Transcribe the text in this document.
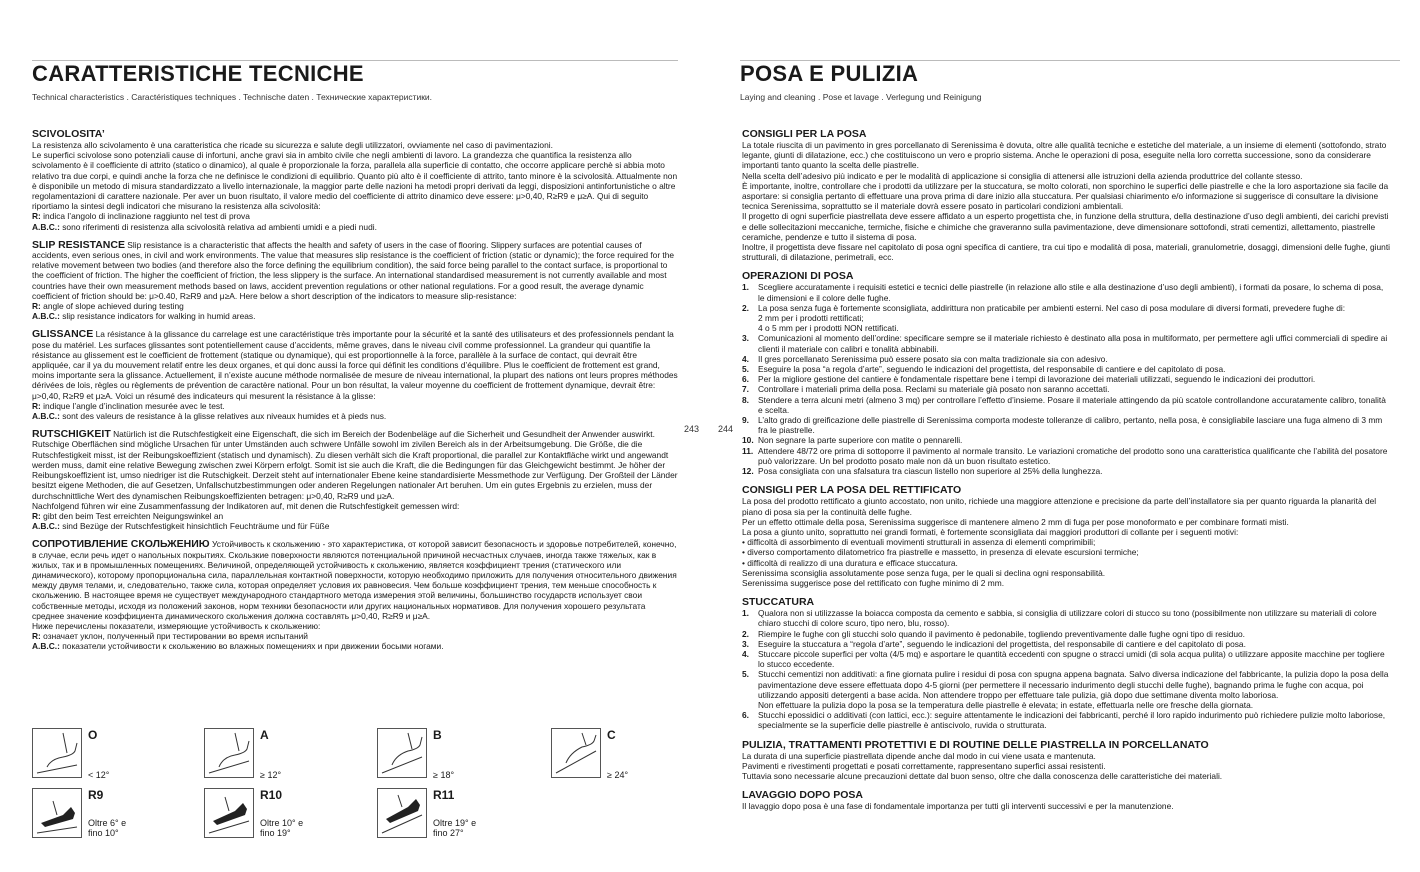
CARATTERISTICHE TECNICHE
Technical characteristics . Caractéristiques techniques . Technische daten . Технические характеристики.
SCIVOLOSITA’

La resistenza allo scivolamento è una caratteristica che ricade su sicurezza e salute degli utilizzatori, ovviamente nel caso di pavimentazioni.

Le superfici scivolose sono potenziali cause di infortuni, anche gravi sia in ambito civile che negli ambienti di lavoro. La grandezza che quantifica la resistenza allo scivolamento è il coefficiente di attrito (statico o dinamico), al quale è proporzionale la forza, parallela alla superficie di contatto, che occorre applicare perchè si abbia moto relativo tra due corpi, e quindi anche la forza che ne definisce le condizioni di equilibrio. Quanto più alto è il coefficiente di attrito, tanto minore è la scivolosità. Attualmente non è disponibile un metodo di misura standardizzato a livello internazionale, la maggior parte delle nazioni ha metodi propri derivati da leggi, disposizioni antinfortunistiche o altre regolamentazioni di carattere nazionale. Per aver un buon risultato, il valore medio del coefficiente di attrito dinamico deve essere: μ>0,40, R≥R9 e μ≥A. Qui di seguito riportiamo la sintesi degli indicatori che misurano la resistenza alla scivolosità:

R: indica l’angolo di inclinazione raggiunto nel test di prova

A.B.C.: sono riferimenti di resistenza alla scivolosità relativa ad ambienti umidi e a piedi nudi.

SLIP RESISTANCE Slip resistance is a characteristic that affects the health and safety of users in the case of flooring. Slippery surfaces are potential causes of accidents, even serious ones, in civil and work environments. The value that measures slip resistance is the coefficient of friction (static or dynamic); the force required for the relative movement between two bodies (and therefore also the force defining the equilibrium condition), the said force being parallel to the contact surface, is proportional to the coefficient of friction. The higher the coefficient of friction, the less slippery is the surface. An international standardised measurement is not currently available and most countries have their own measurement methods based on laws, accident prevention regulations or other national regulations. For a good result, the average dynamic coefficient of friction should be: μ>0.40, R≥R9 and μ≥A. Here below a short description of the indicators to measure slip-resistance:

R: angle of slope achieved during testing

A.B.C.: slip resistance indicators for walking in humid areas.

GLISSANCE La résistance à la glissance du carrelage est une caractéristique très importante pour la sécurité et la santé des utilisateurs et des professionnels pendant la pose du matériel. Les surfaces glissantes sont potentiellement cause d’accidents, même graves, dans le niveau civil comme professionnel. La grandeur qui quantifie la résistance au glissement est le coefficient de frottement (statique ou dynamique), qui est proportionnelle à la force, parallèle à la surface de contact, qui devrait être appliquée, car il ya du mouvement relatif entre les deux organes, et qui donc aussi la force qui définit les conditions d’équilibre. Plus le coefficient de frottement est grand, moins importante sera la glissance. Actuellement, il n’existe aucune méthode normalisée de mesure de niveau international, la plupart des nations ont leurs propres méthodes dérivées de lois, règles ou règlements de prévention de caractère national. Pour un bon résultat, la valeur moyenne du coefficient de frottement dynamique, devrait être: μ>0,40, R≥R9 et μ≥A. Voici un résumé des indicateurs qui mesurent la résistance à la glisse:

R: indique l’angle d’inclination mesurée avec le test.

A.B.C.: sont des valeurs de resistance à la glisse relatives aux niveaux humides et à pieds nus.

RUTSCHIGKEIT Natürlich ist die Rutschfestigkeit eine Eigenschaft, die sich im Bereich der Bodenbeläge auf die Sicherheit und Gesundheit der Anwender auswirkt. Rutschige Oberflächen sind mögliche Ursachen für unter Umständen auch schwere Unfälle sowohl im zivilen Bereich als in der Arbeitsumgebung. Die Größe, die die Rutschfestigkeit misst, ist der Reibungskoeffizient (statisch und dynamisch). Zu diesen verhält sich die Kraft proportional, die parallel zur Kontaktfläche wirkt und angewandt werden muss, damit eine relative Bewegung zwischen zwei Körpern erfolgt. Somit ist sie auch die Kraft, die die Bedingungen für das Gleichgewicht bestimmt. Je höher der Reibungskoeffizient ist, umso niedriger ist die Rutschigkeit. Derzeit steht auf internationaler Ebene keine standardisierte Messmethode zur Verfügung. Der Großteil der Länder besitzt eigene Methoden, die auf Gesetzen, Unfallschutzbestimmungen oder anderen Regelungen nationaler Art beruhen. Um ein gutes Ergebnis zu erzielen, muss der durchschnittliche Wert des dynamischen Reibungskoeffizienten betragen: μ>0,40, R≥R9 und μ≥A.

Nachfolgend führen wir eine Zusammenfassung der Indikatoren auf, mit denen die Rutschfestigkeit gemessen wird:

R: gibt den beim Test erreichten Neigungswinkel an

A.B.C.: sind Bezüge der Rutschfestigkeit hinsichtlich Feuchträume und für Füße

СОПРОТИВЛЕНИЕ СКОЛЬЖЕНИЮ Устойчивость к скольжению - это характеристика, от которой зависит безопасность и здоровье потребителей, конечно, в случае, если речь идет о напольных покрытиях. Скользкие поверхности являются потенциальной причиной несчастных случаев, иногда также тяжелых, как в жилых, так и в промышленных помещениях. Величиной, определяющей устойчивость к скольжению, является коэффициент трения (статического или динамического), которому пропорциональна сила, параллельная контактной поверхности, которую необходимо приложить для получения относительного движения между двумя телами, и, следовательно, также сила, которая определяет условия их равновесия. Чем больше коэффициент трения, тем меньше способность к скольжению. В настоящее время не существует международного стандартного метода измерения этой величины, большинство государств использует свои собственные методы, исходя из положений законов, норм техники безопасности или других национальных нормативов. Для получения хорошего результата среднее значение коэффициента динамического скольжения должна составлять μ>0,40, R≥R9 и μ≥A.

Ниже перечислены показатели, измеряющие устойчивость к скольжению:

R: означает уклон, полученный при тестировании во время испытаний

A.B.C.: показатели устойчивости к скольжению во влажных помещениях и при движении босыми ногами.

O
< 12°
A
≥ 12°
B
≥ 18°
C
≥ 24°
R9
Oltre 6° e
fino 10°
R10
Oltre 10° e
fino 19°
R11
Oltre 19° e
fino 27°
243
POSA E PULIZIA
Laying and cleaning . Pose et lavage . Verlegung und Reinigung
244
CONSIGLI PER LA POSA

La totale riuscita di un pavimento in gres porcellanato di Serenissima è dovuta, oltre alle qualità tecniche e estetiche del materiale, a un insieme di elementi (sottofondo, strato legante, giunti di dilatazione, ecc.) che costituiscono un vero e proprio sistema. Anche le operazioni di posa, eseguite nella loro corretta successione, sono da considerare importanti tanto quanto la scelta delle piastrelle.

Nella scelta dell’adesivo più indicato e per le modalità di applicazione si consiglia di attenersi alle istruzioni della azienda produttrice del collante stesso.

È importante, inoltre, controllare che i prodotti da utilizzare per la stuccatura, se molto colorati, non sporchino le superfici delle piastrelle e che la loro asportazione sia facile da asportare: si consiglia pertanto di effettuare una prova prima di dare inizio alla stuccatura. Per qualsiasi chiarimento e/o informazione si suggerisce di consultare la divisione tecnica Serenissima, soprattutto se il materiale dovrà essere posato in particolari condizioni ambientali.

Il progetto di ogni superficie piastrellata deve essere affidato a un esperto progettista che, in funzione della struttura, della destinazione d’uso degli ambienti, dei carichi previsti e delle sollecitazioni meccaniche, termiche, fisiche e chimiche che graveranno sulla pavimentazione, deve dimensionare sottofondi, strati cementizi, allettamento, piastrelle ceramiche, pendenze e tutto il sistema di posa.

Inoltre, il progettista deve fissare nel capitolato di posa ogni specifica di cantiere, tra cui tipo e modalità di posa, materiali, granulometrie, dosaggi, dimensioni delle fughe, giunti strutturali, di dilatazione, perimetrali, ecc.

OPERAZIONI DI POSA
1. Scegliere accuratamente i requisiti estetici e tecnici delle piastrelle (in relazione allo stile e alla destinazione d’uso degli ambienti), i formati da posare, lo schema di posa, le dimensioni e il colore delle fughe.
2. La posa senza fuga è fortemente sconsigliata, addirittura non praticabile per ambienti esterni. Nel caso di posa modulare di diversi formati, prevedere fughe di:
2 mm per i prodotti rettificati;
4 o 5 mm per i prodotti NON rettificati.
3. Comunicazioni al momento dell’ordine: specificare sempre se il materiale richiesto è destinato alla posa in multiformato, per permettere agli uffici commerciali di spedire ai clienti il materiale con calibri e tonalità abbinabili.
4. Il gres porcellanato Serenissima può essere posato sia con malta tradizionale sia con adesivo.
5. Eseguire la posa “a regola d’arte”, seguendo le indicazioni del progettista, del responsabile di cantiere e del capitolato di posa.
6. Per la migliore gestione del cantiere è fondamentale rispettare bene i tempi di lavorazione dei materiali utilizzati, seguendo le indicazioni dei produttori.
7. Controllare i materiali prima della posa. Reclami su materiale già posato non saranno accettati.
8. Stendere a terra alcuni metri (almeno 3 mq) per controllare l’effetto d’insieme. Posare il materiale attingendo da più scatole controllandone accuratamente calibro, tonalità e scelta.
9. L’alto grado di greificazione delle piastrelle di Serenissima comporta modeste tolleranze di calibro, pertanto, nella posa, è consigliabile lasciare una fuga almeno di 3 mm fra le piastrelle.
10. Non segnare la parte superiore con matite o pennarelli.
11. Attendere 48/72 ore prima di sottoporre il pavimento al normale transito. Le variazioni cromatiche del prodotto sono una caratteristica qualificante che l’abilità del posatore può valorizzare. Un bel prodotto posato male non dà un buon risultato estetico.
12. Posa consigliata con una sfalsatura tra ciascun listello non superiore al 25% della lunghezza.
CONSIGLI PER LA POSA DEL RETTIFICATO

La posa del prodotto rettificato a giunto accostato, non unito, richiede una maggiore attenzione e precisione da parte dell’installatore sia per quanto riguarda la planarità del piano di posa sia per la continuità delle fughe.

Per un effetto ottimale della posa, Serenissima suggerisce di mantenere almeno 2 mm di fuga per pose monoformato e per combinare formati misti.

La posa a giunto unito, soprattutto nei grandi formati, è fortemente sconsigliata dai maggiori produttori di collante per i seguenti motivi:

• difficoltà di assorbimento di eventuali movimenti strutturali in assenza di elementi comprimibili;

• diverso comportamento dilatometrico fra piastrelle e massetto, in presenza di elevate escursioni termiche;

• difficoltà di realizzo di una duratura e efficace stuccatura.

Serenissima sconsiglia assolutamente pose senza fuga, per le quali si declina ogni responsabilità.

Serenissima suggerisce pose del rettificato con fughe minimo di 2 mm.

STUCCATURA
1. Qualora non si utilizzasse la boiacca composta da cemento e sabbia, si consiglia di utilizzare colori di stucco su tono (possibilmente non utilizzare su materiali di colore chiaro stucchi di colore scuro, tipo nero, blu, rosso).
2. Riempire le fughe con gli stucchi solo quando il pavimento è pedonabile, togliendo preventivamente dalle fughe ogni tipo di residuo.
3. Eseguire la stuccatura a “regola d’arte”, seguendo le indicazioni del progettista, del responsabile di cantiere e del capitolato di posa.
4. Stuccare piccole superfici per volta (4/5 mq) e asportare le quantità eccedenti con spugne o stracci umidi (di sola acqua pulita) o utilizzare apposite macchine per togliere lo stucco eccedente.
5. Stucchi cementizi non additivati: a fine giornata pulire i residui di posa con spugna appena bagnata. Salvo diversa indicazione del fabbricante, la pulizia dopo la posa della pavimentazione deve essere effettuata dopo 4-5 giorni (per permettere il necessario indurimento degli stucchi delle fughe), bagnando prima le fughe con acqua, poi utilizzando appositi detergenti a base acida. Non attendere troppo per effettuare tale pulizia, già dopo due settimane diventa molto laboriosa.
Non effettuare la pulizia dopo la posa se la temperatura delle piastrelle è elevata; in estate, effettuarla nelle ore fresche della giornata.
6. Stucchi epossidici o additivati (con lattici, ecc.): seguire attentamente le indicazioni dei fabbricanti, perché il loro rapido indurimento può richiedere pulizie molto laboriose, specialmente se la superficie delle piastrelle è antiscivolo, ruvida o strutturata.
PULIZIA, TRATTAMENTI PROTETTIVI E DI ROUTINE DELLE PIASTRELLA IN PORCELLANATO

La durata di una superficie piastrellata dipende anche dal modo in cui viene usata e mantenuta.

Pavimenti e rivestimenti progettati e posati correttamente, rappresentano superfici assai resistenti.

Tuttavia sono necessarie alcune precauzioni dettate dal buon senso, oltre che dalla conoscenza delle caratteristiche dei materiali.

LAVAGGIO DOPO POSA

Il lavaggio dopo posa è una fase di fondamentale importanza per tutti gli interventi successivi e per la manutenzione.
